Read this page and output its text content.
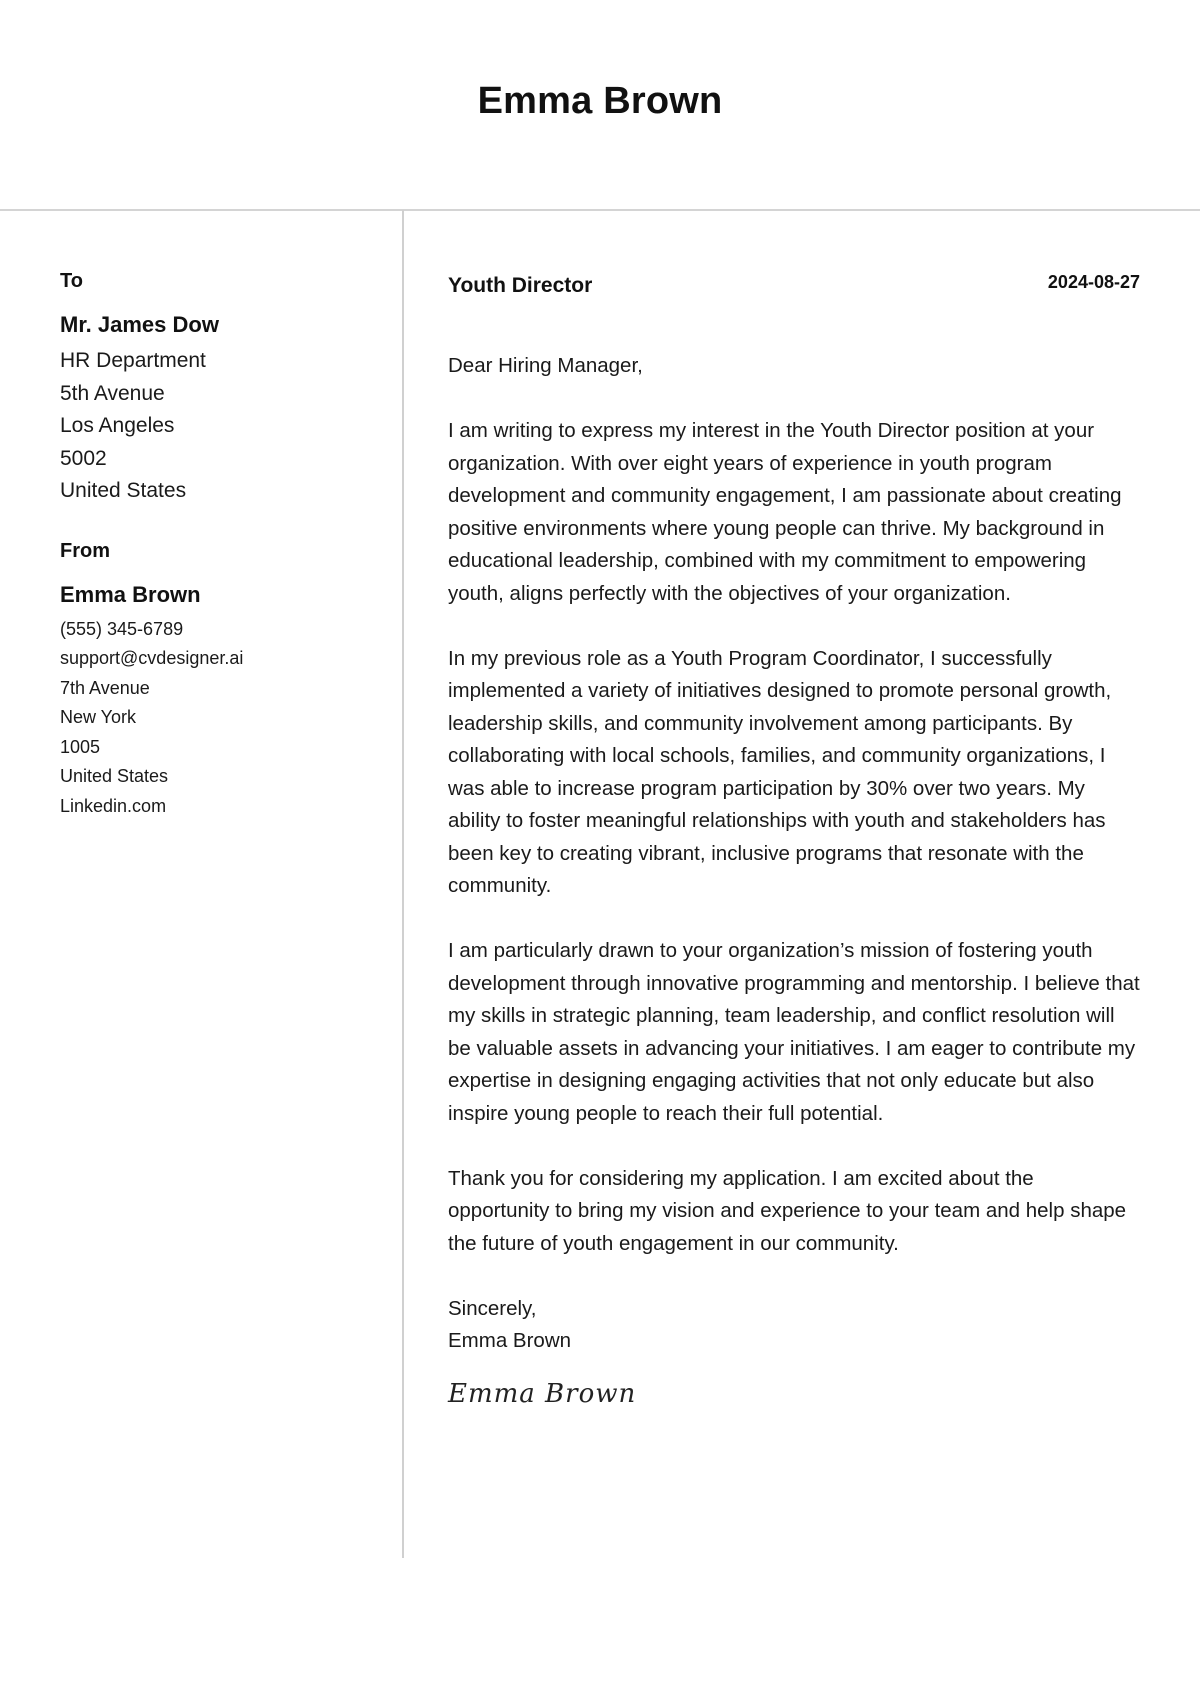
Emma Brown
To
Mr. James Dow
HR Department
5th Avenue
Los Angeles
5002
United States
From
Emma Brown
(555) 345-6789
support@cvdesigner.ai
7th Avenue
New York
1005
United States
Linkedin.com
Youth Director	2024-08-27

Dear Hiring Manager,

I am writing to express my interest in the Youth Director position at your organization. With over eight years of experience in youth program development and community engagement, I am passionate about creating positive environments where young people can thrive. My background in educational leadership, combined with my commitment to empowering youth, aligns perfectly with the objectives of your organization.

In my previous role as a Youth Program Coordinator, I successfully implemented a variety of initiatives designed to promote personal growth, leadership skills, and community involvement among participants. By collaborating with local schools, families, and community organizations, I was able to increase program participation by 30% over two years. My ability to foster meaningful relationships with youth and stakeholders has been key to creating vibrant, inclusive programs that resonate with the community.

I am particularly drawn to your organization’s mission of fostering youth development through innovative programming and mentorship. I believe that my skills in strategic planning, team leadership, and conflict resolution will be valuable assets in advancing your initiatives. I am eager to contribute my expertise in designing engaging activities that not only educate but also inspire young people to reach their full potential.

Thank you for considering my application. I am excited about the opportunity to bring my vision and experience to your team and help shape the future of youth engagement in our community.

Sincerely,
Emma Brown
Emma Brown
